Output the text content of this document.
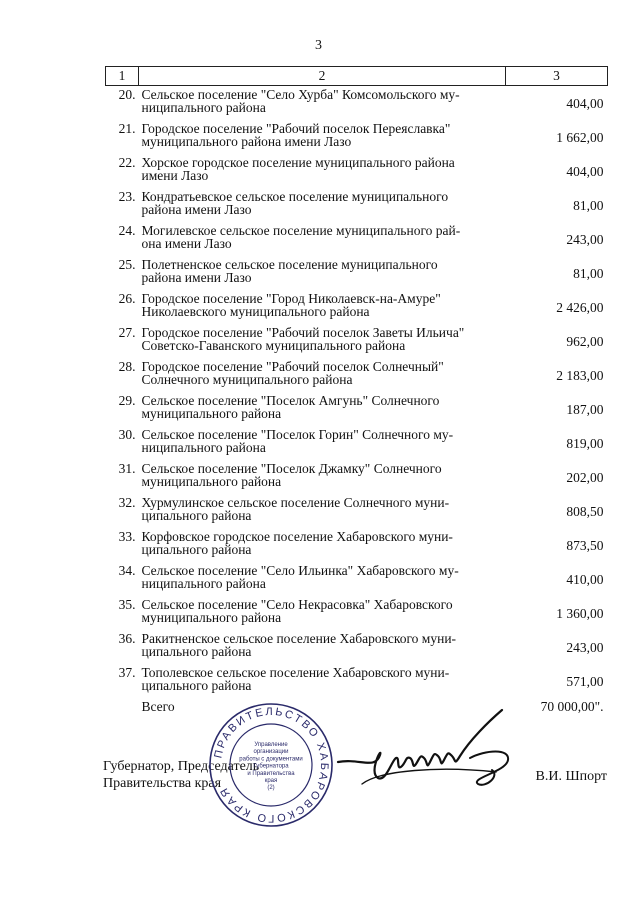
3
1	2	3
20.	Сельское поселение "Село Хурба" Комсомольского му-
ниципального района	404,00
21.	Городское поселение "Рабочий поселок Переяславка"
муниципального района имени Лазо	1 662,00
22.	Хорское городское поселение муниципального района
имени Лазо	404,00
23.	Кондратьевское сельское поселение муниципального
района имени Лазо	81,00
24.	Могилевское сельское поселение муниципального рай-
она имени Лазо	243,00
25.	Полетненское сельское поселение муниципального
района имени Лазо	81,00
26.	Городское поселение "Город Николаевск-на-Амуре"
Николаевского муниципального района	2 426,00
27.	Городское поселение "Рабочий поселок Заветы Ильича"
Советско-Гаванского муниципального района	962,00
28.	Городское поселение "Рабочий поселок Солнечный"
Солнечного муниципального района	2 183,00
29.	Сельское поселение "Поселок Амгунь" Солнечного
муниципального района	187,00
30.	Сельское поселение "Поселок Горин" Солнечного му-
ниципального района	819,00
31.	Сельское поселение "Поселок Джамку" Солнечного
муниципального района	202,00
32.	Хурмулинское сельское поселение Солнечного муни-
ципального района	808,50
33.	Корфовское городское поселение Хабаровского муни-
ципального района	873,50
34.	Сельское поселение "Село Ильинка" Хабаровского му-
ниципального района	410,00
35.	Сельское поселение "Село Некрасовка" Хабаровского
муниципального района	1 360,00
36.	Ракитненское сельское поселение Хабаровского муни-
ципального района	243,00
37.	Тополевское сельское поселение Хабаровского муни-
ципального района	571,00
	Всего	70 000,00".
Губернатор, Председатель
Правительства края	В.И. Шпорт
ПРАВИТЕЛЬСТВО ХАБАРОВСКОГО КРАЯ
Управление
организации
работы с документами
Губернатора
и Правительства
края
(2)
